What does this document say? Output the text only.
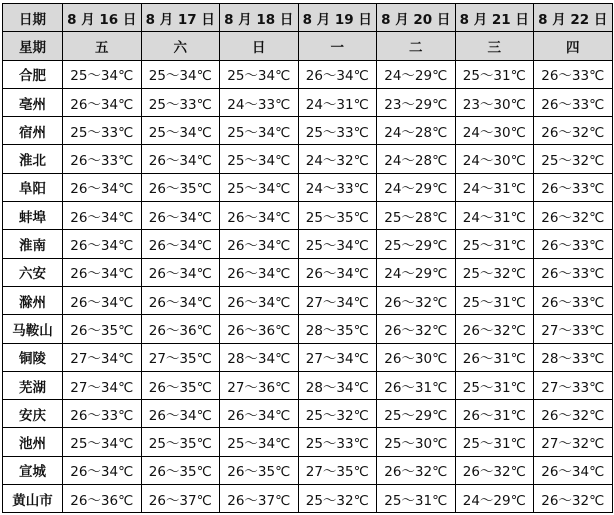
日期	8 月 16 日	8 月 17 日	8 月 18 日	8 月 19 日	8 月 20 日	8 月 21 日	8 月 22 日
星期	五	六	日	一	二	三	四
合肥	25～34℃	25～34℃	25～34℃	26～34℃	24～29℃	25～31℃	26～33℃
亳州	26～34℃	25～33℃	24～33℃	24～31℃	23～29℃	23～30℃	26～33℃
宿州	25～33℃	25～34℃	25～34℃	25～33℃	24～28℃	24～30℃	26～32℃
淮北	26～33℃	26～34℃	25～34℃	24～32℃	24～28℃	24～30℃	25～32℃
阜阳	26～34℃	26～35℃	25～34℃	24～33℃	24～29℃	24～31℃	26～33℃
蚌埠	26～34℃	26～34℃	26～34℃	25～35℃	25～28℃	24～31℃	26～32℃
淮南	26～34℃	26～34℃	26～34℃	25～34℃	25～29℃	25～31℃	26～33℃
六安	26～34℃	26～34℃	26～34℃	26～34℃	24～29℃	25～32℃	26～33℃
滁州	26～34℃	26～34℃	26～34℃	27～34℃	26～32℃	25～31℃	26～33℃
马鞍山	26～35℃	26～36℃	26～36℃	28～35℃	26～32℃	26～32℃	27～33℃
铜陵	27～34℃	27～35℃	28～34℃	27～34℃	26～30℃	26～31℃	28～33℃
芜湖	27～34℃	26～35℃	27～36℃	28～34℃	26～31℃	25～31℃	27～33℃
安庆	26～33℃	26～34℃	26～34℃	25～32℃	25～29℃	26～31℃	26～32℃
池州	25～34℃	25～35℃	25～34℃	25～33℃	25～30℃	25～31℃	27～32℃
宣城	26～34℃	26～35℃	26～35℃	27～35℃	26～32℃	26～32℃	26～34℃
黄山市	26～36℃	26～37℃	26～37℃	25～32℃	25～31℃	24～29℃	26～32℃
